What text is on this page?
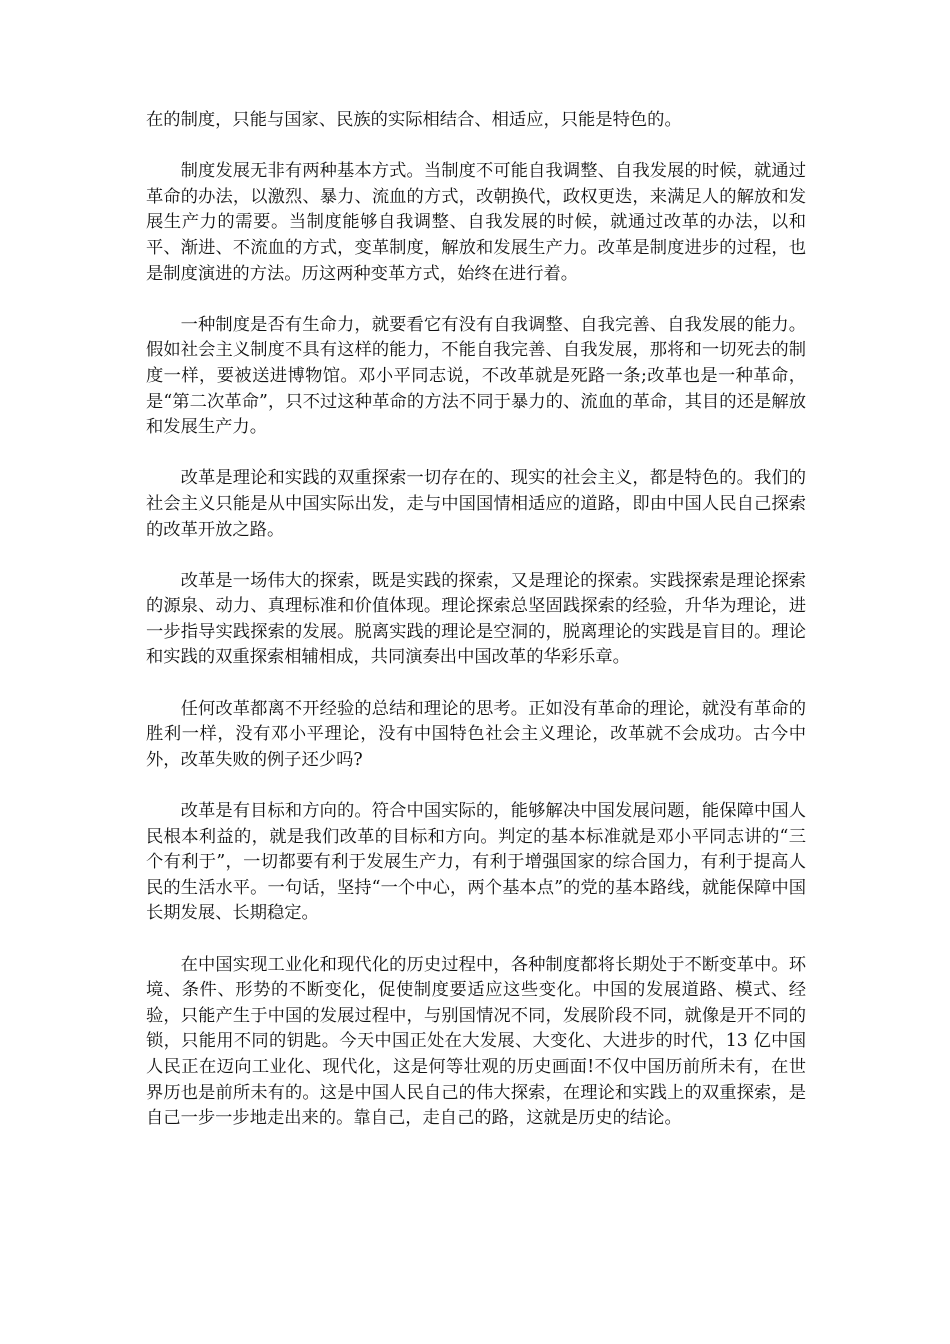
在的制度，只能与国家、民族的实际相结合、相适应，只能是特色的。

制度发展无非有两种基本方式。当制度不可能自我调整、自我发展的时候，就通过革命的办法，以激烈、暴力、流血的方式，改朝换代，政权更迭，来满足人的解放和发展生产力的需要。当制度能够自我调整、自我发展的时候，就通过改革的办法，以和平、渐进、不流血的方式，变革制度，解放和发展生产力。改革是制度进步的过程，也是制度演进的方法。历这两种变革方式，始终在进行着。

一种制度是否有生命力，就要看它有没有自我调整、自我完善、自我发展的能力。假如社会主义制度不具有这样的能力，不能自我完善、自我发展，那将和一切死去的制度一样，要被送进博物馆。邓小平同志说，不改革就是死路一条;改革也是一种革命，是“第二次革命”，只不过这种革命的方法不同于暴力的、流血的革命，其目的还是解放和发展生产力。

改革是理论和实践的双重探索一切存在的、现实的社会主义，都是特色的。我们的社会主义只能是从中国实际出发，走与中国国情相适应的道路，即由中国人民自己探索的改革开放之路。

改革是一场伟大的探索，既是实践的探索，又是理论的探索。实践探索是理论探索的源泉、动力、真理标准和价值体现。理论探索总坚固践探索的经验，升华为理论，进一步指导实践探索的发展。脱离实践的理论是空洞的，脱离理论的实践是盲目的。理论和实践的双重探索相辅相成，共同演奏出中国改革的华彩乐章。

任何改革都离不开经验的总结和理论的思考。正如没有革命的理论，就没有革命的胜利一样，没有邓小平理论，没有中国特色社会主义理论，改革就不会成功。古今中外，改革失败的例子还少吗?

改革是有目标和方向的。符合中国实际的，能够解决中国发展问题，能保障中国人民根本利益的，就是我们改革的目标和方向。判定的基本标准就是邓小平同志讲的“三个有利于”，一切都要有利于发展生产力，有利于增强国家的综合国力，有利于提高人民的生活水平。一句话，坚持“一个中心，两个基本点”的党的基本路线，就能保障中国长期发展、长期稳定。

在中国实现工业化和现代化的历史过程中，各种制度都将长期处于不断变革中。环境、条件、形势的不断变化，促使制度要适应这些变化。中国的发展道路、模式、经验，只能产生于中国的发展过程中，与别国情况不同，发展阶段不同，就像是开不同的锁，只能用不同的钥匙。今天中国正处在大发展、大变化、大进步的时代，13 亿中国人民正在迈向工业化、现代化，这是何等壮观的历史画面!不仅中国历前所未有，在世界历也是前所未有的。这是中国人民自己的伟大探索，在理论和实践上的双重探索，是自己一步一步地走出来的。靠自己，走自己的路，这就是历史的结论。
